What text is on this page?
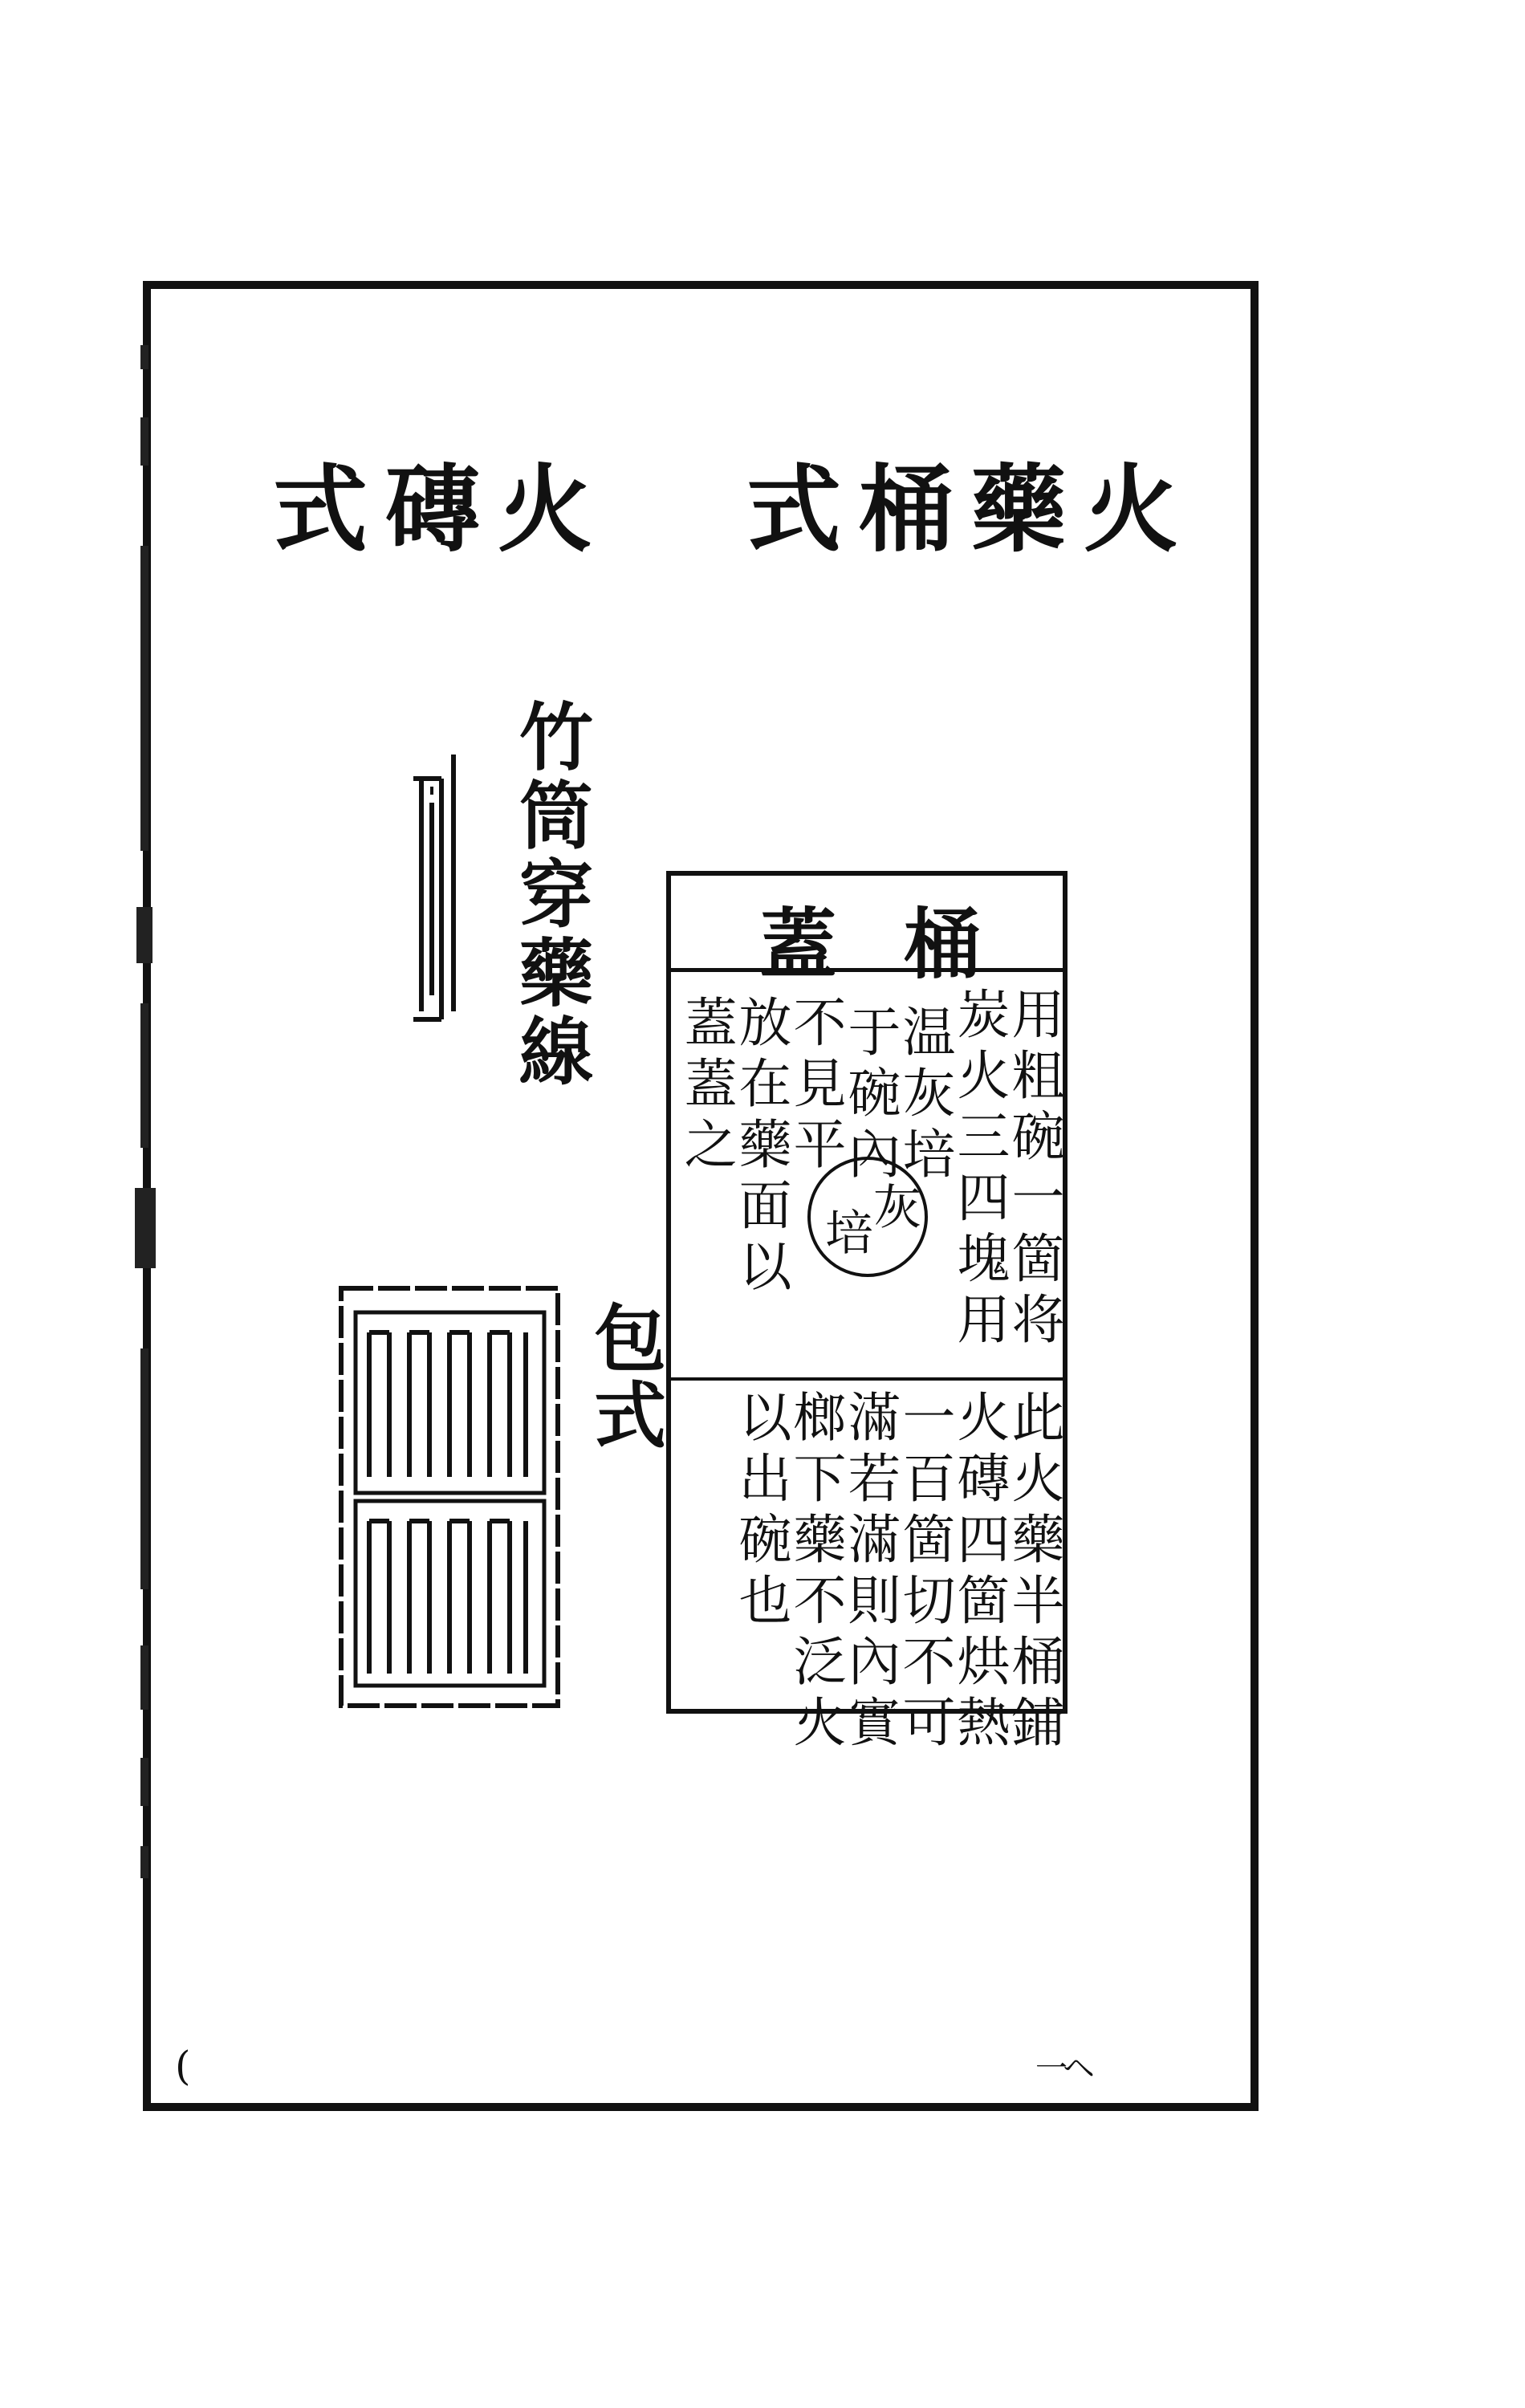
火藥桶式
火磚式
竹筒穿藥線
包式
桶
蓋
用粗碗一箇将
炭火三四塊用
温灰培
于碗內
不見平
放在藥面以
蓋蓋之
灰
培
此火藥半桶鋪
火磚四箇烘熱
一百箇切不可
滿若滿則內實
榔下藥不泛火
以出碗也
(	一ヘ
